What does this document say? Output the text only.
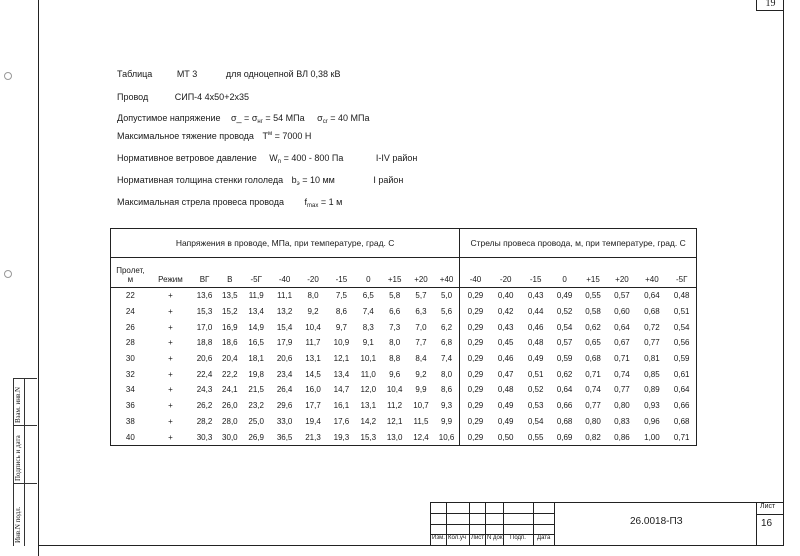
19
Инв.N подл.
Подпись и дата
Взам. инв.N
Таблица	МТ 3	для одноцепной ВЛ 0,38 кВ
Провод	СИП-4 4х50+2х35
Допустимое напряжение σ_ = $\sigma_{нг} = 54$ МПа $\sigma_{cr} = 40$ МПа
Максимальное тяжение провода $T^м = 7000$ Н
Нормативное ветровое давление $W_n = 400 - 800$ Па	I-IV район
Нормативная толщина стенки гололеда $b_э = 10$ мм	I район
Максимальная стрела провеса провода $f_{max} = 1$ м
Напряжения в проводе, МПа, при температуре, град. С												Стрелы провеса провода, м, при температуре, град. С							
Пролет,
м	Режим	ВГ	В	-5Г	-40	-20	-15	0	+15	+20	+40	-40	-20	-15	0	+15	+20	+40	-5Г
22	+	13,6	13,5	11,9	11,1	8,0	7,5	6,5	5,8	5,7	5,0	0,29	0,40	0,43	0,49	0,55	0,57	0,64	0,48
24	+	15,3	15,2	13,4	13,2	9,2	8,6	7,4	6,6	6,3	5,6	0,29	0,42	0,44	0,52	0,58	0,60	0,68	0,51
26	+	17,0	16,9	14,9	15,4	10,4	9,7	8,3	7,3	7,0	6,2	0,29	0,43	0,46	0,54	0,62	0,64	0,72	0,54
28	+	18,8	18,6	16,5	17,9	11,7	10,9	9,1	8,0	7,7	6,8	0,29	0,45	0,48	0,57	0,65	0,67	0,77	0,56
30	+	20,6	20,4	18,1	20,6	13,1	12,1	10,1	8,8	8,4	7,4	0,29	0,46	0,49	0,59	0,68	0,71	0,81	0,59
32	+	22,4	22,2	19,8	23,4	14,5	13,4	11,0	9,6	9,2	8,0	0,29	0,47	0,51	0,62	0,71	0,74	0,85	0,61
34	+	24,3	24,1	21,5	26,4	16,0	14,7	12,0	10,4	9,9	8,6	0,29	0,48	0,52	0,64	0,74	0,77	0,89	0,64
36	+	26,2	26,0	23,2	29,6	17,7	16,1	13,1	11,2	10,7	9,3	0,29	0,49	0,53	0,66	0,77	0,80	0,93	0,66
38	+	28,2	28,0	25,0	33,0	19,4	17,6	14,2	12,1	11,5	9,9	0,29	0,49	0,54	0,68	0,80	0,83	0,96	0,68
40	+	30,3	30,0	26,9	36,5	21,3	19,3	15,3	13,0	12,4	10,6	0,29	0,50	0,55	0,69	0,82	0,86	1,00	0,71
Изм. Кол.уч Лист N док. Подп. Дата
26.0018-ПЗ
Лист
16
